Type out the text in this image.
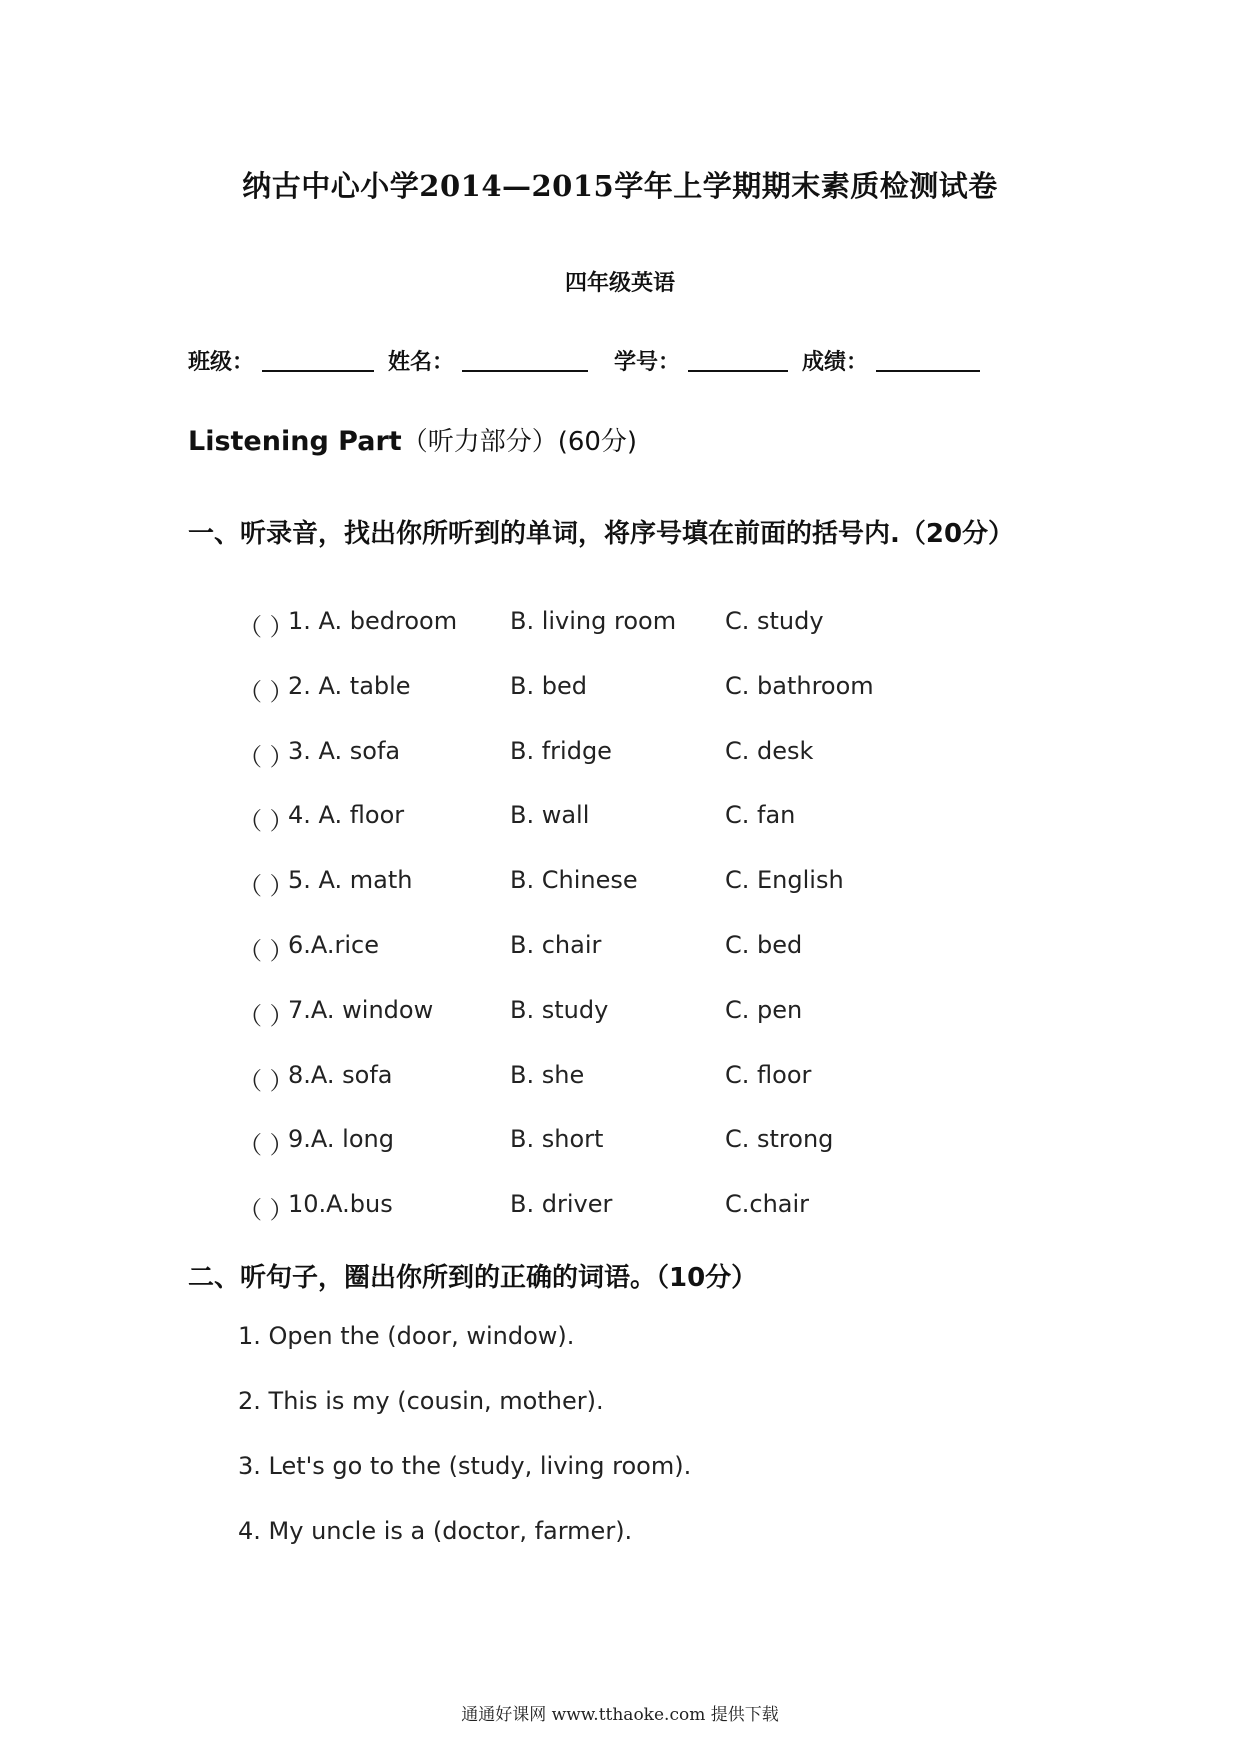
纳古中心小学2014—2015学年上学期期末素质检测试卷
四年级英语
班级：	姓名：	学号：	成绩：
Listening Part（听力部分）(60分)
一、听录音，找出你所听到的单词，将序号填在前面的括号内.（20分）
（ ）
1. A. bedroom B. living room C. study
（ ）
2. A. table	B. bed	C. bathroom
（ ）
3. A. sofa	B. fridge	C. desk
（ ）
4. A. floor	B. wall	C. fan
（ ）
5. A. math	B. Chinese	C. English
（ ）
6.A.rice	B. chair	C. bed
（ ）
7.A. window	B. study	C. pen
（ ）
8.A. sofa	B. she	C. floor
（ ）
9.A. long	B. short	C. strong
（ ）
10.A.bus	B. driver	C.chair
二、听句子，圈出你所到的正确的词语。（10分）
1. Open the (door, window).
2. This is my (cousin, mother).
3. Let's go to the (study, living room).
4. My uncle is a (doctor, farmer).
通通好课网 www.tthaoke.com 提供下载
